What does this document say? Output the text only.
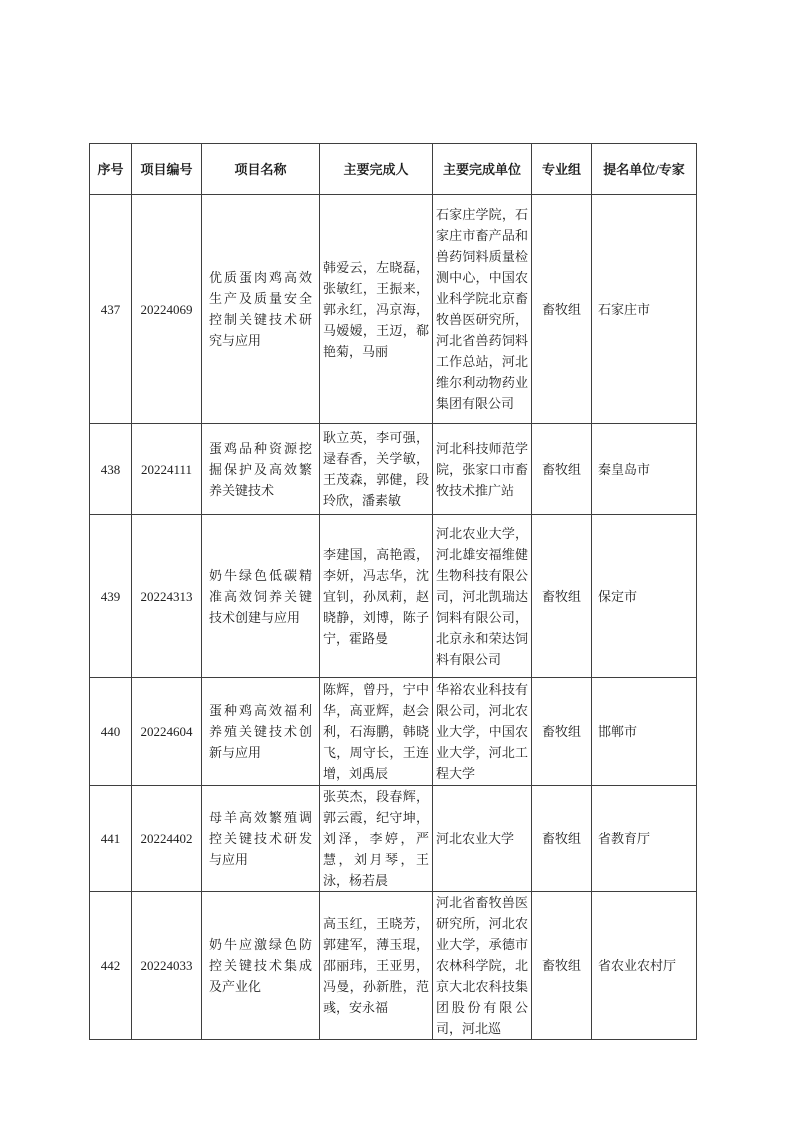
序号	项目编号	项目名称	主要完成人	主要完成单位	专业组	提名单位/专家
437	20224069	优质蛋肉鸡高效生产及质量安全控制关键技术研究与应用	韩爱云，左晓磊，张敏红，王振来，郭永红，冯京海，马嫒嫒，王迈，郗艳菊，马丽	石家庄学院，石家庄市畜产品和兽药饲料质量检测中心，中国农业科学院北京畜牧兽医研究所，河北省兽药饲料工作总站，河北维尔利动物药业集团有限公司	畜牧组	石家庄市
438	20224111	蛋鸡品种资源挖掘保护及高效繁养关键技术	耿立英，李可强，逯春香，关学敏，王茂森，郭健，段玲欣，潘素敏	河北科技师范学院，张家口市畜牧技术推广站	畜牧组	秦皇岛市
439	20224313	奶牛绿色低碳精准高效饲养关键技术创建与应用	李建国，高艳霞，李妍，冯志华，沈宜钊，孙凤莉，赵晓静，刘博，陈子宁，霍路曼	河北农业大学，河北雄安福维健生物科技有限公司，河北凯瑞达饲料有限公司，北京永和荣达饲料有限公司	畜牧组	保定市
440	20224604	蛋种鸡高效福利养殖关键技术创新与应用	陈辉，曾丹，宁中华，高亚辉，赵会利，石海鹏，韩晓飞，周守长，王连增，刘禹辰	华裕农业科技有限公司，河北农业大学，中国农业大学，河北工程大学	畜牧组	邯郸市
441	20224402	母羊高效繁殖调控关键技术研发与应用	张英杰，段春辉，郭云霞，纪守坤，刘泽，李婷，严慧，刘月琴，王泳，杨若晨	河北农业大学	畜牧组	省教育厅
442	20224033	奶牛应激绿色防控关键技术集成及产业化	高玉红，王晓芳，郭建军，薄玉琨，邵丽玮，王亚男，冯曼，孙新胜，范彧，安永福	河北省畜牧兽医研究所，河北农业大学，承德市农林科学院，北京大北农科技集团股份有限公司，河北巡	畜牧组	省农业农村厅
